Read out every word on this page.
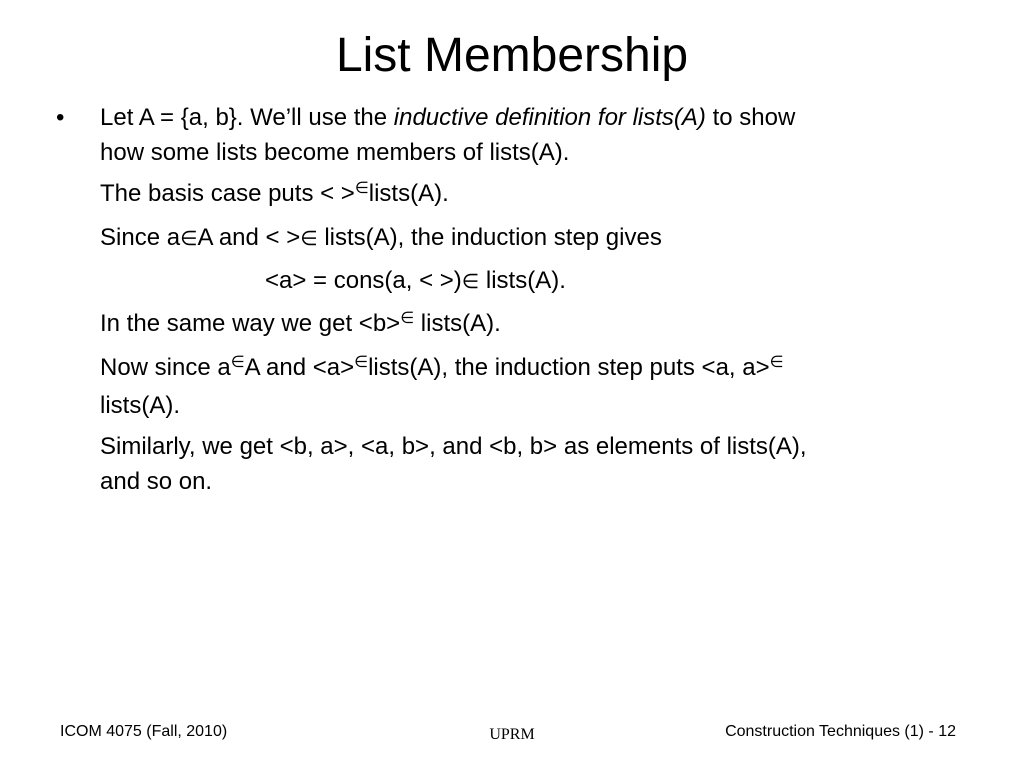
List Membership
• Let A = {a, b}. We’ll use the inductive definition for lists(A) to show
how some lists become members of lists(A).
The basis case puts < >∈lists(A).
Since a∈A and < >∈ lists(A), the induction step gives
<a> = cons(a, < >)∈ lists(A).
In the same way we get <b>∈ lists(A).
Now since a∈A and <a>∈lists(A), the induction step puts <a, a>∈
lists(A).
Similarly, we get <b, a>, <a, b>, and <b, b> as elements of lists(A),
and so on.
ICOM 4075 (Fall, 2010)	UPRM	Construction Techniques (1) - 12
